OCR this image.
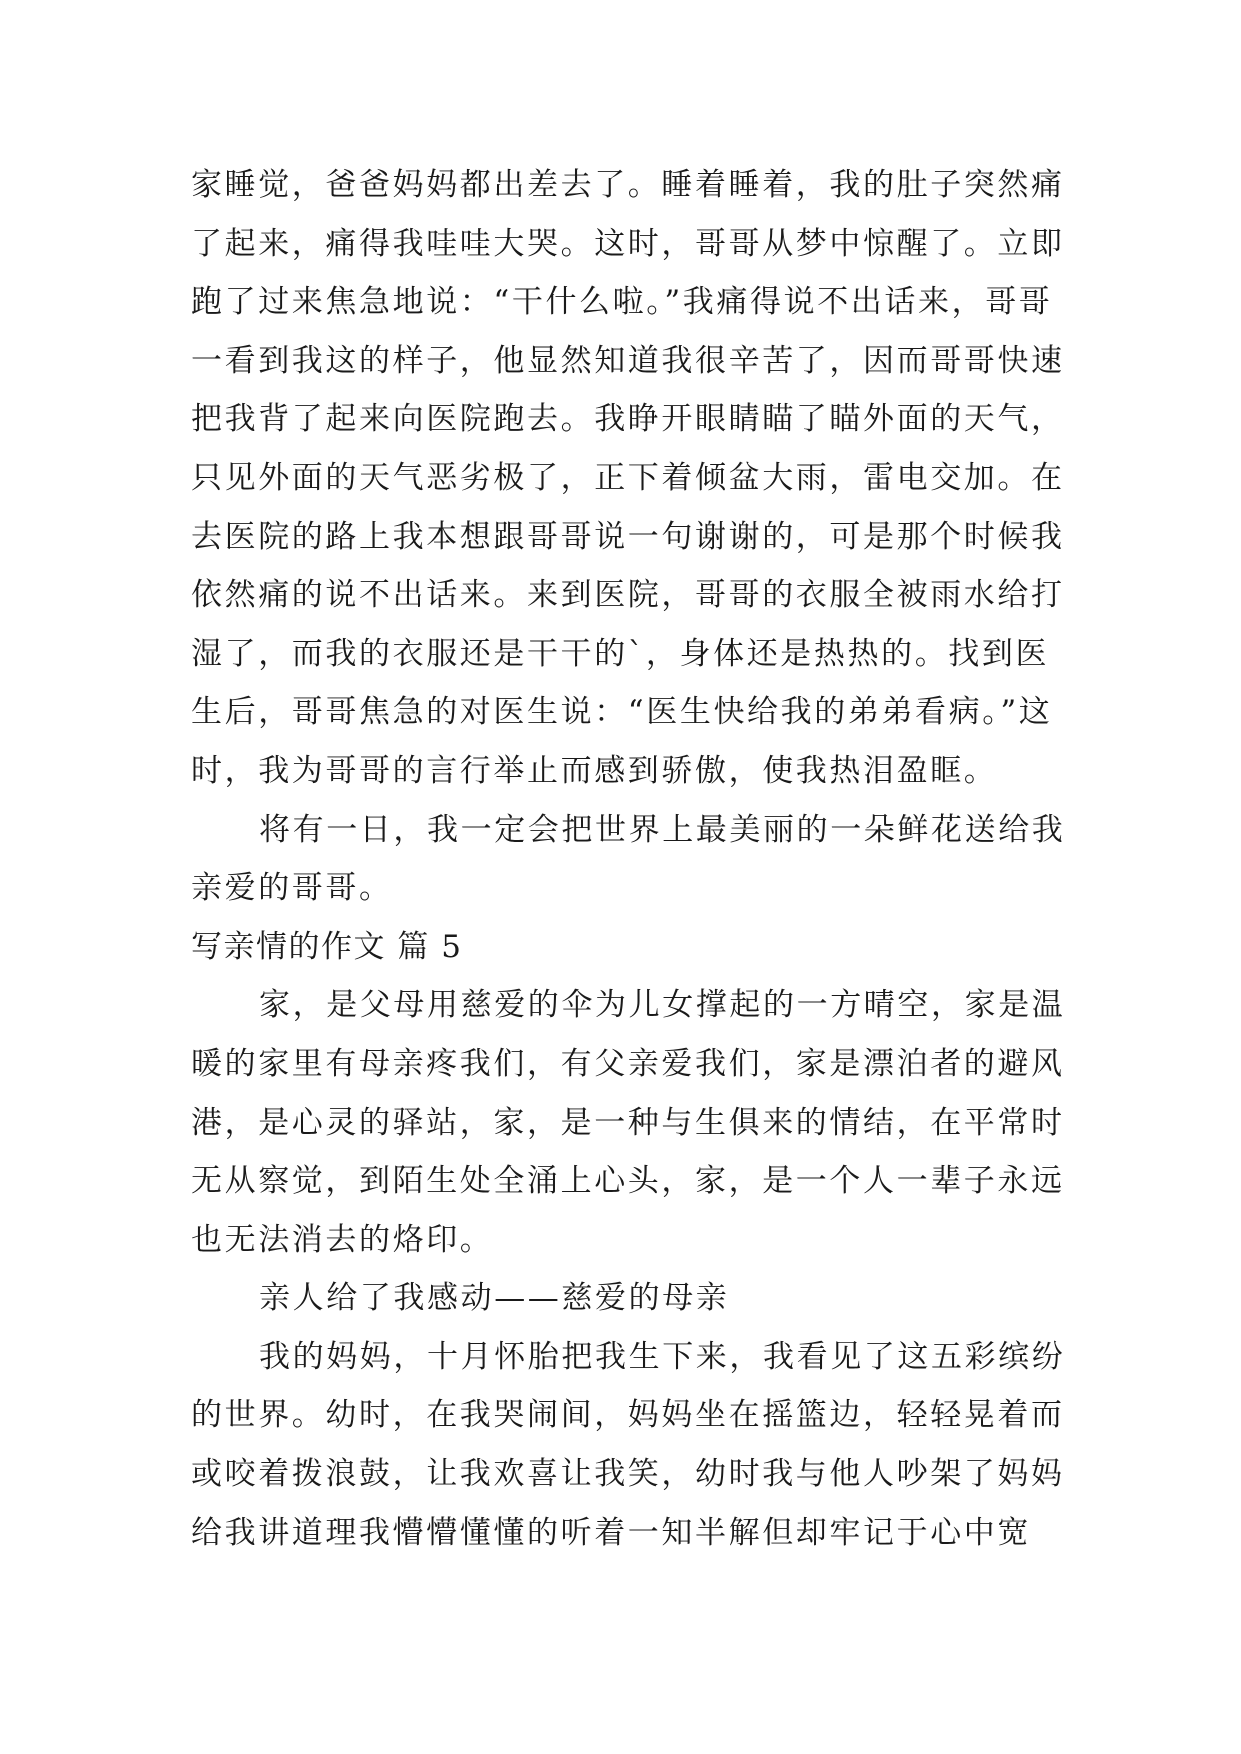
家睡觉，爸爸妈妈都出差去了。睡着睡着，我的肚子突然痛
了起来，痛得我哇哇大哭。这时，哥哥从梦中惊醒了。立即
跑了过来焦急地说：“干什么啦。”我痛得说不出话来，哥哥
一看到我这的样子，他显然知道我很辛苦了，因而哥哥快速
把我背了起来向医院跑去。我睁开眼睛瞄了瞄外面的天气，
只见外面的天气恶劣极了，正下着倾盆大雨，雷电交加。在
去医院的路上我本想跟哥哥说一句谢谢的，可是那个时候我
依然痛的说不出话来。来到医院，哥哥的衣服全被雨水给打
湿了，而我的衣服还是干干的`，身体还是热热的。找到医
生后，哥哥焦急的对医生说：“医生快给我的弟弟看病。”这
时，我为哥哥的言行举止而感到骄傲，使我热泪盈眶。
将有一日，我一定会把世界上最美丽的一朵鲜花送给我
亲爱的哥哥。
写亲情的作文 篇 5
家，是父母用慈爱的伞为儿女撑起的一方晴空，家是温
暖的家里有母亲疼我们，有父亲爱我们，家是漂泊者的避风
港，是心灵的驿站，家，是一种与生俱来的情结，在平常时
无从察觉，到陌生处全涌上心头，家，是一个人一辈子永远
也无法消去的烙印。
亲人给了我感动——慈爱的母亲
我的妈妈，十月怀胎把我生下来，我看见了这五彩缤纷
的世界。幼时，在我哭闹间，妈妈坐在摇篮边，轻轻晃着而
或咬着拨浪鼓，让我欢喜让我笑，幼时我与他人吵架了妈妈
给我讲道理我懵懵懂懂的听着一知半解但却牢记于心中宽
